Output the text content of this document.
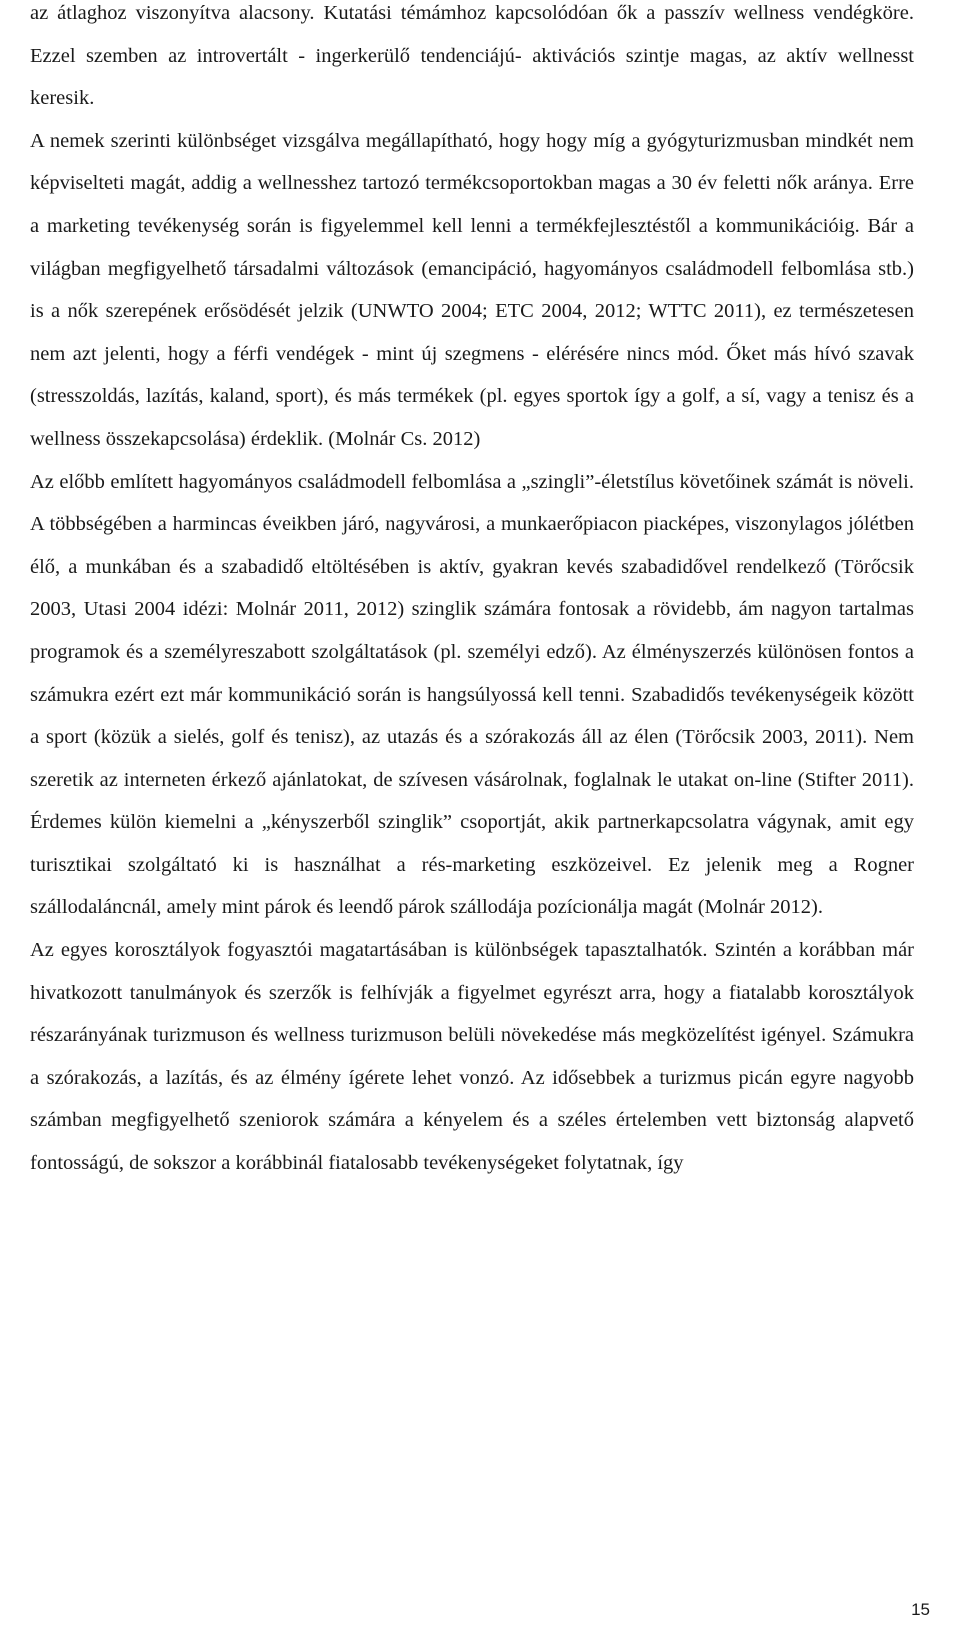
az átlaghoz viszonyítva alacsony. Kutatási témámhoz kapcsolódóan ők a passzív wellness vendégköre. Ezzel szemben az introvertált - ingerkerülő tendenciájú- aktivációs szintje magas, az aktív wellnesst keresik.

A nemek szerinti különbséget vizsgálva megállapítható, hogy hogy míg a gyógyturizmusban mindkét nem képviselteti magát, addig a wellnesshez tartozó termékcsoportokban magas a 30 év feletti nők aránya. Erre a marketing tevékenység során is figyelemmel kell lenni a termékfejlesztéstől a kommunikációig. Bár a világban megfigyelhető társadalmi változások (emancipáció, hagyományos családmodell felbomlása stb.) is a nők szerepének erősödését jelzik (UNWTO 2004; ETC 2004, 2012; WTTC 2011), ez természetesen nem azt jelenti, hogy a férfi vendégek - mint új szegmens - elérésére nincs mód. Őket más hívó szavak (stresszoldás, lazítás, kaland, sport), és más termékek (pl. egyes sportok így a golf, a sí, vagy a tenisz és a wellness összekapcsolása) érdeklik. (Molnár Cs. 2012)

Az előbb említett hagyományos családmodell felbomlása a „szingli”-életstílus követőinek számát is növeli. A többségében a harmincas éveikben járó, nagyvárosi, a munkaerőpiacon piacképes, viszonylagos jólétben élő, a munkában és a szabadidő eltöltésében is aktív, gyakran kevés szabadidővel rendelkező (Törőcsik 2003, Utasi 2004 idézi: Molnár 2011, 2012) szinglik számára fontosak a rövidebb, ám nagyon tartalmas programok és a személyreszabott szolgáltatások (pl. személyi edző). Az élményszerzés különösen fontos a számukra ezért ezt már kommunikáció során is hangsúlyossá kell tenni. Szabadidős tevékenységeik között a sport (közük a sielés, golf és tenisz), az utazás és a szórakozás áll az élen (Törőcsik 2003, 2011). Nem szeretik az interneten érkező ajánlatokat, de szívesen vásárolnak, foglalnak le utakat on-line (Stifter 2011). Érdemes külön kiemelni a „kényszerből szinglik” csoportját, akik partnerkapcsolatra vágynak, amit egy turisztikai szolgáltató ki is használhat a rés-marketing eszközeivel. Ez jelenik meg a Rogner szállodaláncnál, amely mint párok és leendő párok szállodája pozícionálja magát (Molnár 2012).

Az egyes korosztályok fogyasztói magatartásában is különbségek tapasztalhatók. Szintén a korábban már hivatkozott tanulmányok és szerzők is felhívják a figyelmet egyrészt arra, hogy a fiatalabb korosztályok részarányának turizmuson és wellness turizmuson belüli növekedése más megközelítést igényel. Számukra a szórakozás, a lazítás, és az élmény ígérete lehet vonzó. Az idősebbek a turizmus picán egyre nagyobb számban megfigyelhető szeniorok számára a kényelem és a széles értelemben vett biztonság alapvető fontosságú, de sokszor a korábbinál fiatalosabb tevékenységeket folytatnak, így

15
